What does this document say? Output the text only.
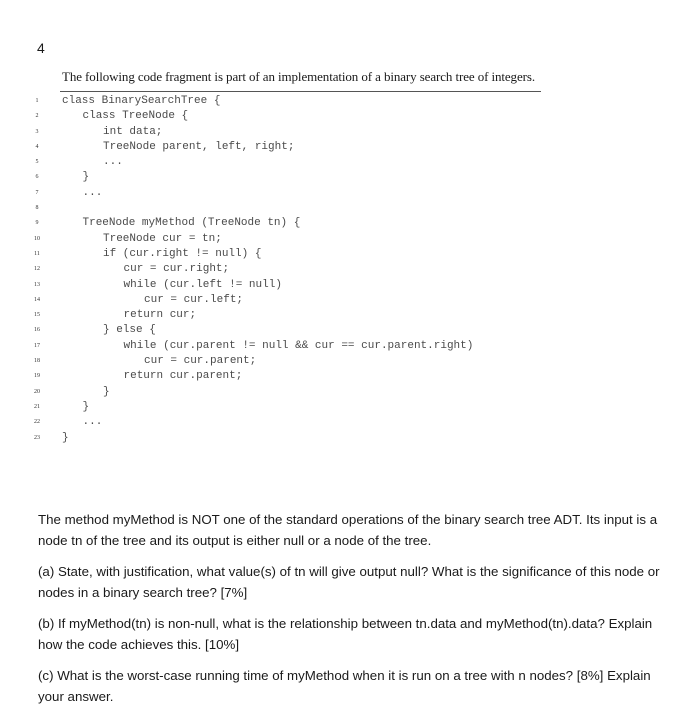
4
The following code fragment is part of an implementation of a binary search tree of integers.
1	class BinarySearchTree {
2	class TreeNode {
3	int data;
4	TreeNode parent, left, right;
5	...
6	}
7	...
8
9	TreeNode myMethod (TreeNode tn) {
10	TreeNode cur = tn;
11	if (cur.right != null) {
12	cur = cur.right;
13	while (cur.left != null)
14	cur = cur.left;
15	return cur;
16	} else {
17	while (cur.parent != null && cur == cur.parent.right)
18	cur = cur.parent;
19	return cur.parent;
20	}
21	}
22	...
23	}
The method myMethod is NOT one of the standard operations of the binary search tree ADT. Its input is a node tn of the tree and its output is either null or a node of the tree.
(a) State, with justification, what value(s) of tn will give output null? What is the significance of this node or nodes in a binary search tree? [7%]
(b) If myMethod(tn) is non-null, what is the relationship between tn.data and myMethod(tn).data? Explain how the code achieves this. [10%]
(c) What is the worst-case running time of myMethod when it is run on a tree with n nodes? [8%] Explain your answer.
